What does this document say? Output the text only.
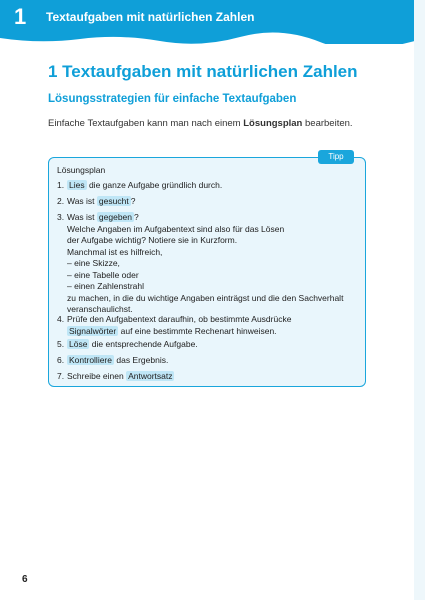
1 Textaufgaben mit natürlichen Zahlen
1 Textaufgaben mit natürlichen Zahlen
Lösungsstrategien für einfache Textaufgaben
Einfache Textaufgaben kann man nach einem Lösungsplan bearbeiten.
Tipp
Lösungsplan
1. Lies die ganze Aufgabe gründlich durch.
2. Was ist gesucht ?
3. Was ist gegeben ?
Welche Angaben im Aufgabentext sind also für das Lösen
der Aufgabe wichtig? Notiere sie in Kurzform.
Manchmal ist es hilfreich,
– eine Skizze,
– eine Tabelle oder
– einen Zahlenstrahl
zu machen, in die du wichtige Angaben einträgst und die den Sachverhalt
veranschaulichst.
4. Prüfe den Aufgabentext daraufhin, ob bestimmte Ausdrücke
Signalwörter auf eine bestimmte Rechenart hinweisen.
5. Löse die entsprechende Aufgabe.
6. Kontrolliere das Ergebnis.
7. Schreibe einen Antwortsatz
6
